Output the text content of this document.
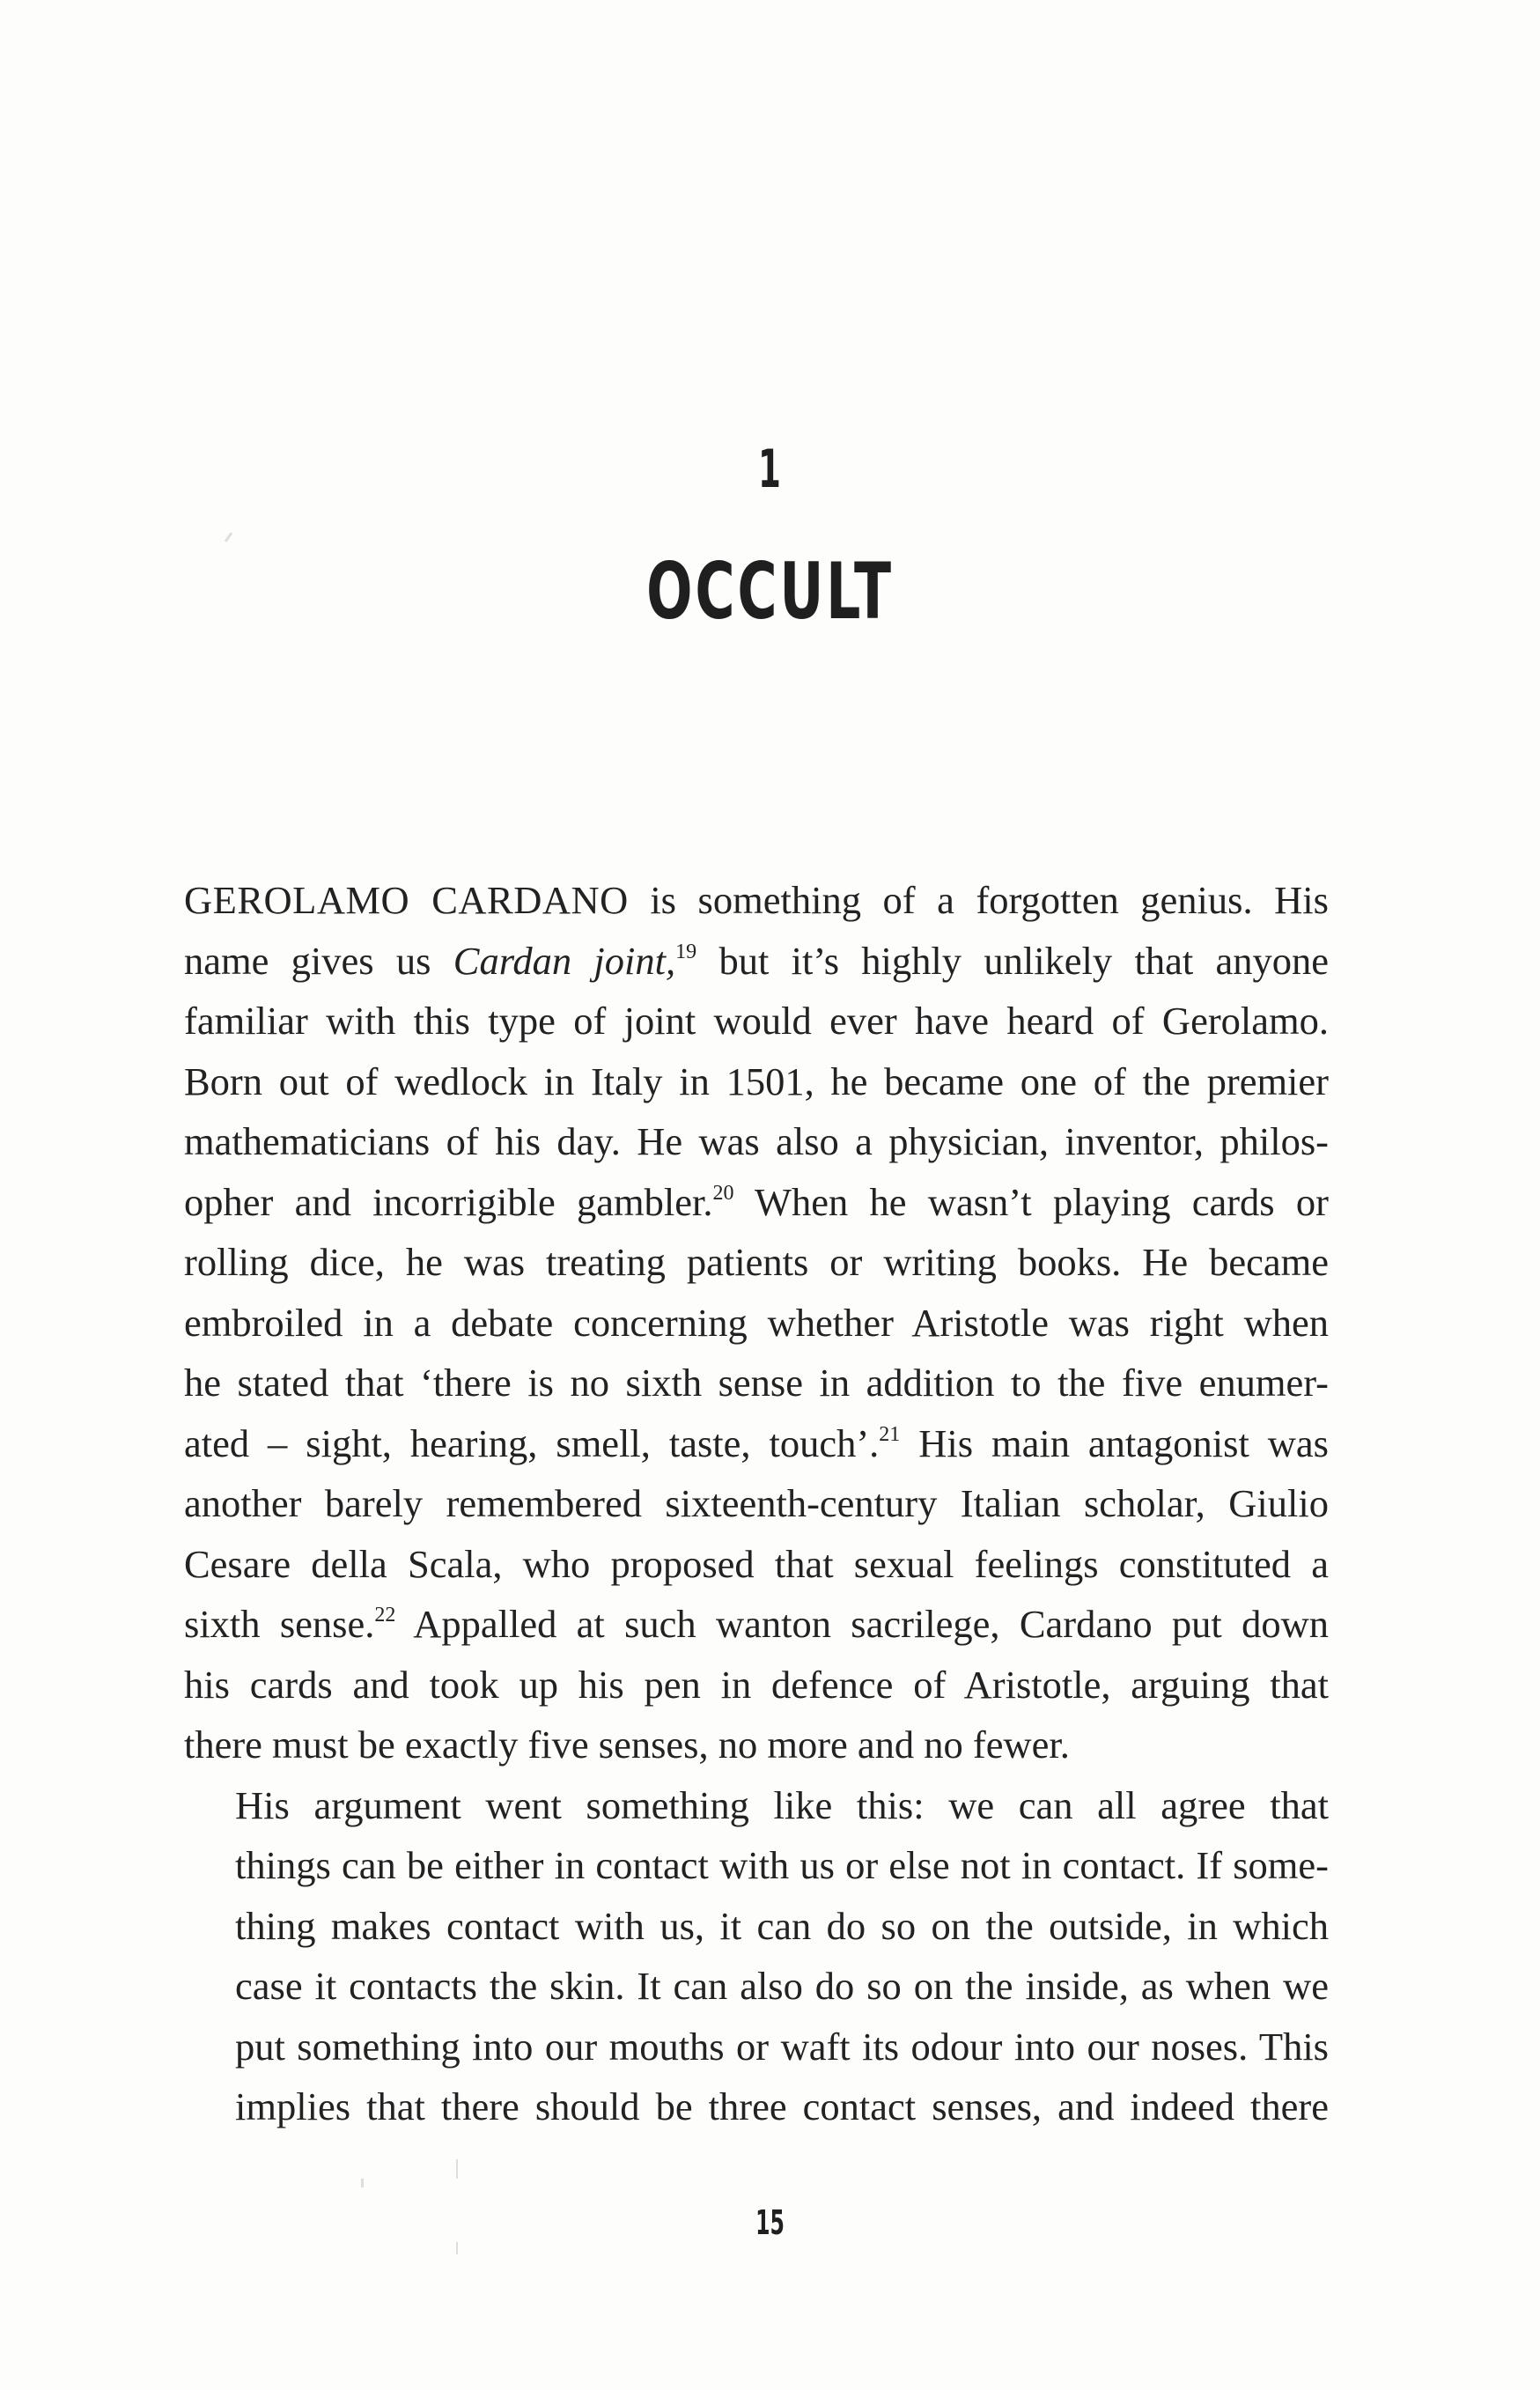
1
OCCULT

GEROLAMO CARDANO is something of a forgotten genius. His
name gives us Cardan joint,$^{19}$ but it’s highly unlikely that anyone
familiar with this type of joint would ever have heard of Gerolamo.
Born out of wedlock in Italy in 1501, he became one of the premier
mathematicians of his day. He was also a physician, inventor, philos-
opher and incorrigible gambler.$^{20}$ When he wasn’t playing cards or
rolling dice, he was treating patients or writing books. He became
embroiled in a debate concerning whether Aristotle was right when
he stated that ‘there is no sixth sense in addition to the five enumer-
ated – sight, hearing, smell, taste, touch’.$^{21}$ His main antagonist was
another barely remembered sixteenth-century Italian scholar, Giulio
Cesare della Scala, who proposed that sexual feelings constituted a
sixth sense.$^{22}$ Appalled at such wanton sacrilege, Cardano put down
his cards and took up his pen in defence of Aristotle, arguing that
there must be exactly five senses, no more and no fewer.

His argument went something like this: we can all agree that
things can be either in contact with us or else not in contact. If some-
thing makes contact with us, it can do so on the outside, in which
case it contacts the skin. It can also do so on the inside, as when we
put something into our mouths or waft its odour into our noses. This
implies that there should be three contact senses, and indeed there

15
